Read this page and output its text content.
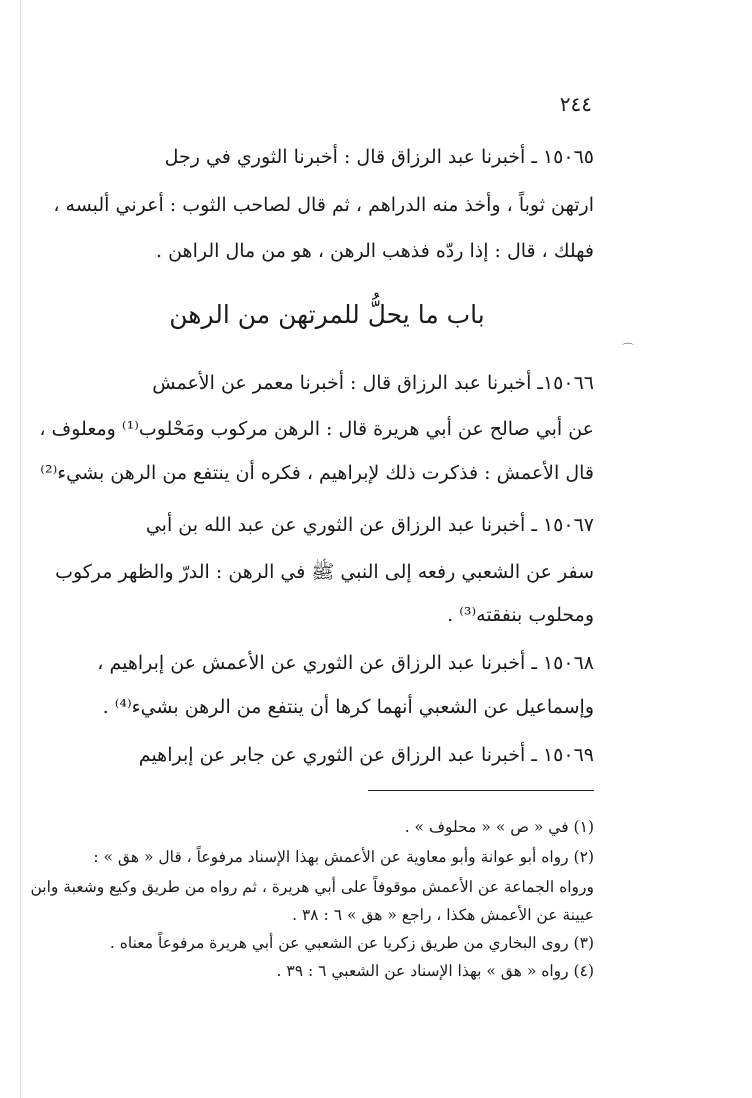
٢٤٤
١٥٠٦٥ ـ أخبرنا عبد الرزاق قال : أخبرنا الثوري في رجل
ارتهن ثوباً ، وأخذ منه الدراهم ، ثم قال لصاحب الثوب : أعرني ألبسه ،
فهلك ، قال : إذا ردّه فذهب الرهن ، هو من مال الراهن .
باب ما يحلُّ للمرتهن من الرهن
⌒
١٥٠٦٦ـ أخبرنا عبد الرزاق قال : أخبرنا معمر عن الأعمش
عن أبي صالح عن أبي هريرة قال : الرهن مركوب ومَحْلوب⁽¹⁾ ومعلوف ،
قال الأعمش : فذكرت ذلك لإبراهيم ، فكره أن ينتفع من الرهن بشيء⁽²⁾
١٥٠٦٧ ـ أخبرنا عبد الرزاق عن الثوري عن عبد الله بن أبي
سفر عن الشعبي رفعه إلى النبي ﷺ في الرهن : الدرّ والظهر مركوب
ومحلوب بنفقته⁽³⁾ .
١٥٠٦٨ ـ أخبرنا عبد الرزاق عن الثوري عن الأعمش عن إبراهيم ،
وإسماعيل عن الشعبي أنهما كرها أن ينتفع من الرهن بشيء⁽⁴⁾ .
١٥٠٦٩ ـ أخبرنا عبد الرزاق عن الثوري عن جابر عن إبراهيم
(١) في « ص » « محلوف » .
(٢) رواه أبو عوانة وأبو معاوية عن الأعمش بهذا الإسناد مرفوعاً ، قال « هق » :
ورواه الجماعة عن الأعمش موقوفاً على أبي هريرة ، ثم رواه من طريق وكيع وشعبة وابن
عيينة عن الأعمش هكذا ، راجع « هق » ٦ : ٣٨ .
(٣) روى البخاري من طريق زكريا عن الشعبي عن أبي هريرة مرفوعاً معناه .
(٤) رواه « هق » بهذا الإسناد عن الشعبي ٦ : ٣٩ .
